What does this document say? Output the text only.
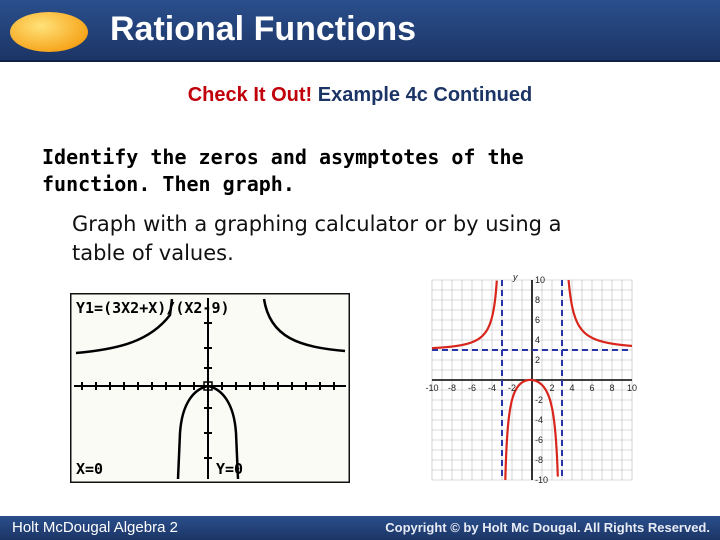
Rational Functions
Check It Out! Example 4c Continued
Identify the zeros and asymptotes of the
function. Then graph.
Graph with a graphing calculator or by using a
table of values.
Y1=(3X2+X)/(X2-9)
X=0	Y=0
y
-10 -8 -6 -4 -2	2 4 6 8 10
10
8
6
4
2
-2
-4
-6
-8
-10
Holt McDougal Algebra 2	Copyright © by Holt Mc Dougal. All Rights Reserved.
